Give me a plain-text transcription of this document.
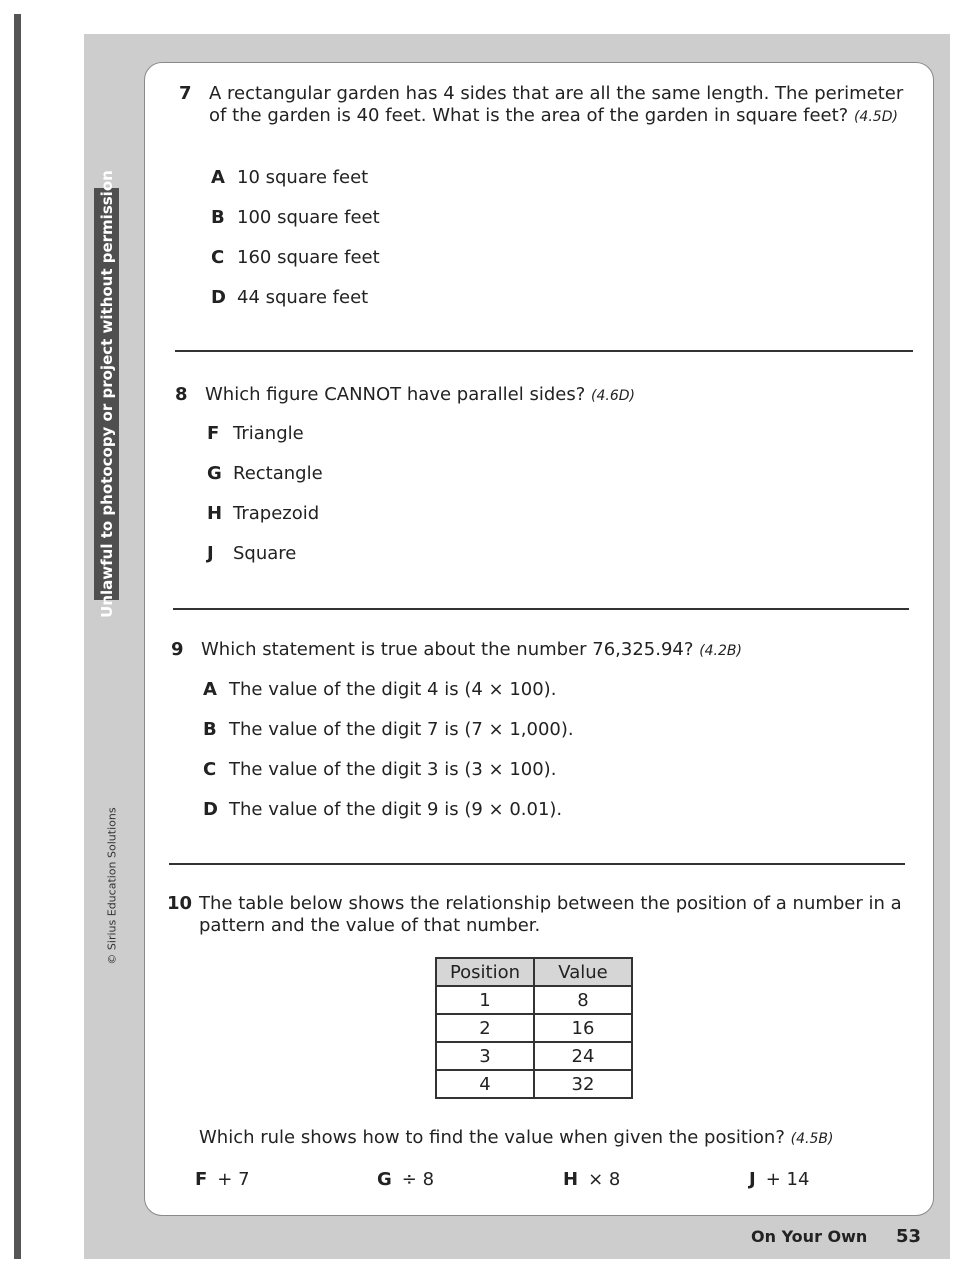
Unlawful to photocopy or project without permission
© Sirius Education Solutions
7 A rectangular garden has 4 sides that are all the same length. The perimeter of the garden is 40 feet. What is the area of the garden in square feet? (4.5D)
A 10 square feet
B 100 square feet
C 160 square feet
D 44 square feet
8 Which figure CANNOT have parallel sides? (4.6D)
F Triangle
G Rectangle
H Trapezoid
J Square
9 Which statement is true about the number 76,325.94? (4.2B)
A The value of the digit 4 is (4 × 100).
B The value of the digit 7 is (7 × 1,000).
C The value of the digit 3 is (3 × 100).
D The value of the digit 9 is (9 × 0.01).
10 The table below shows the relationship between the position of a number in a pattern and the value of that number.
Position	Value
1	8
2	16
3	24
4	32
Which rule shows how to find the value when given the position? (4.5B)
F + 7	G ÷ 8	H × 8	J + 14
On Your Own 53
